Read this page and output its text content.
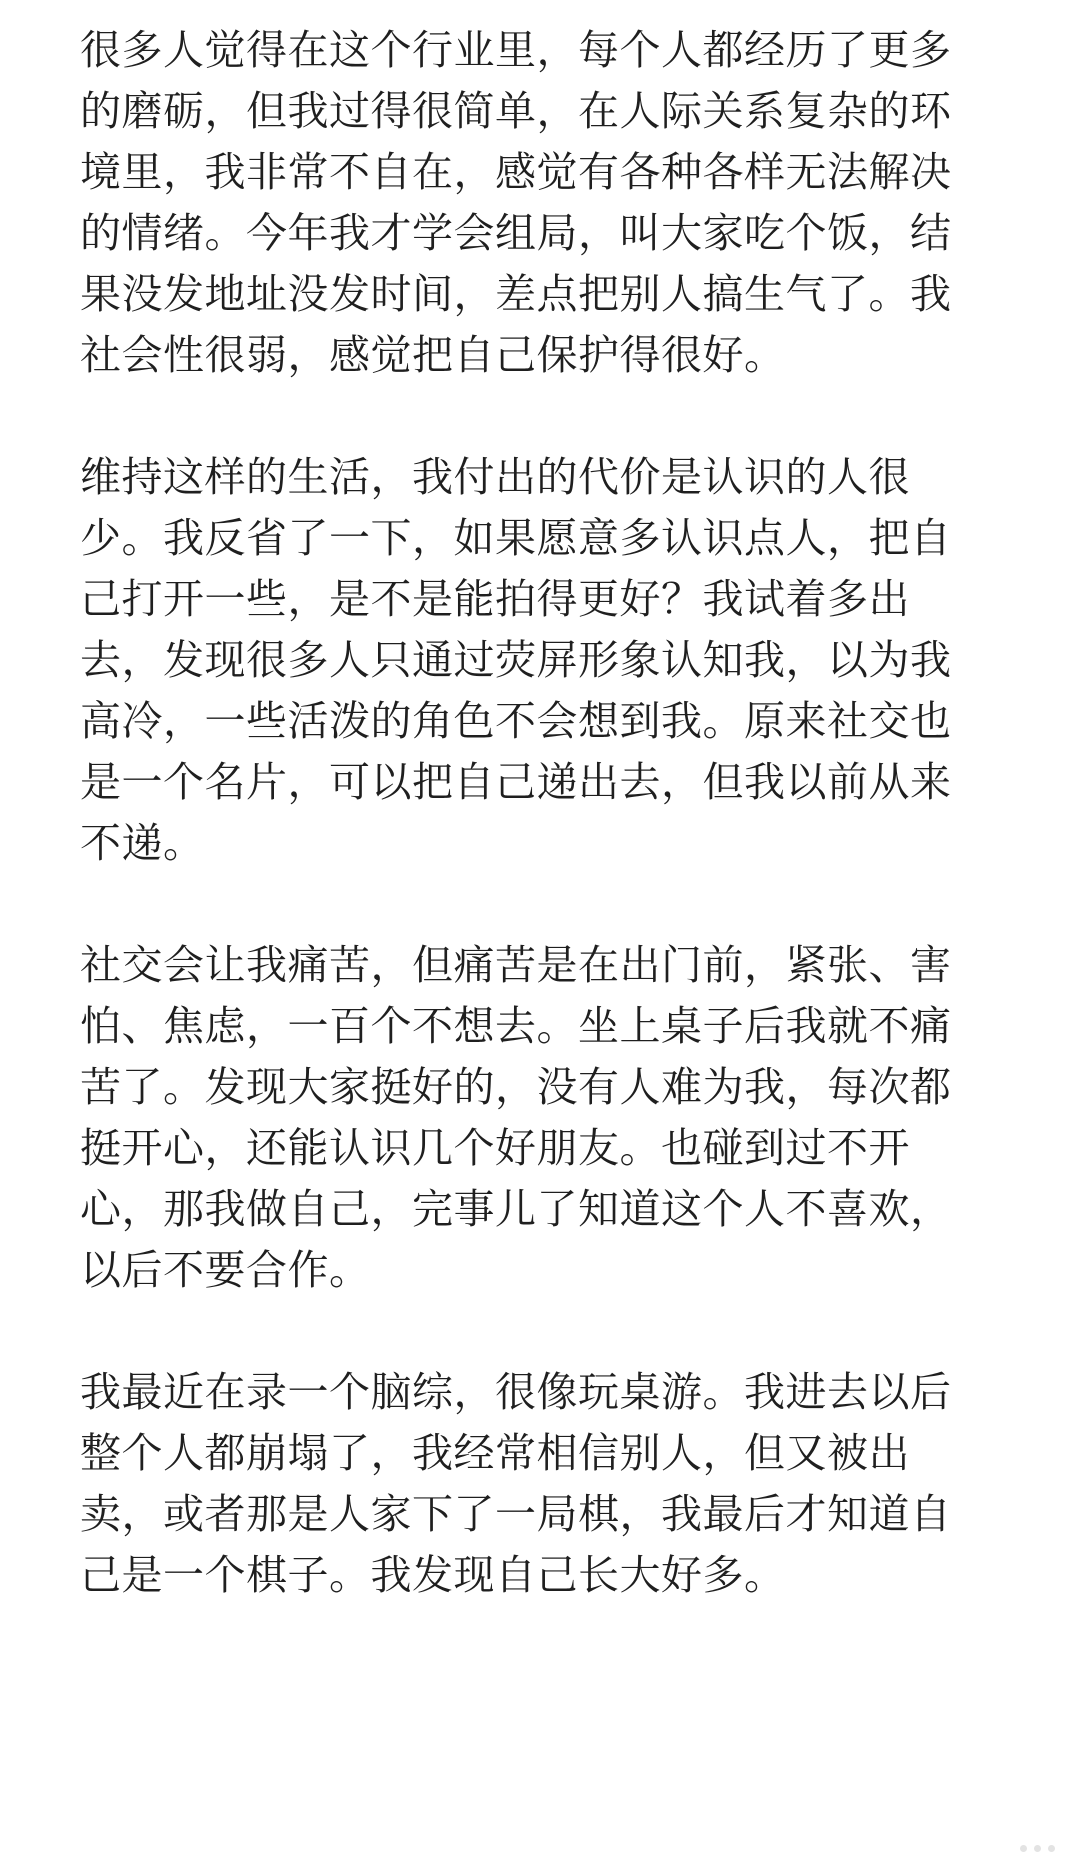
很多人觉得在这个行业里，每个人都经历了更多
的磨砺，但我过得很简单，在人际关系复杂的环
境里，我非常不自在，感觉有各种各样无法解决
的情绪。今年我才学会组局，叫大家吃个饭，结
果没发地址没发时间，差点把别人搞生气了。我
社会性很弱，感觉把自己保护得很好。

维持这样的生活，我付出的代价是认识的人很
少。我反省了一下，如果愿意多认识点人，把自
己打开一些，是不是能拍得更好？我试着多出
去，发现很多人只通过荧屏形象认知我，以为我
高冷，一些活泼的角色不会想到我。原来社交也
是一个名片，可以把自己递出去，但我以前从来
不递。

社交会让我痛苦，但痛苦是在出门前，紧张、害
怕、焦虑，一百个不想去。坐上桌子后我就不痛
苦了。发现大家挺好的，没有人难为我，每次都
挺开心，还能认识几个好朋友。也碰到过不开
心，那我做自己，完事儿了知道这个人不喜欢，
以后不要合作。

我最近在录一个脑综，很像玩桌游。我进去以后
整个人都崩塌了，我经常相信别人，但又被出
卖，或者那是人家下了一局棋，我最后才知道自
己是一个棋子。我发现自己长大好多。
